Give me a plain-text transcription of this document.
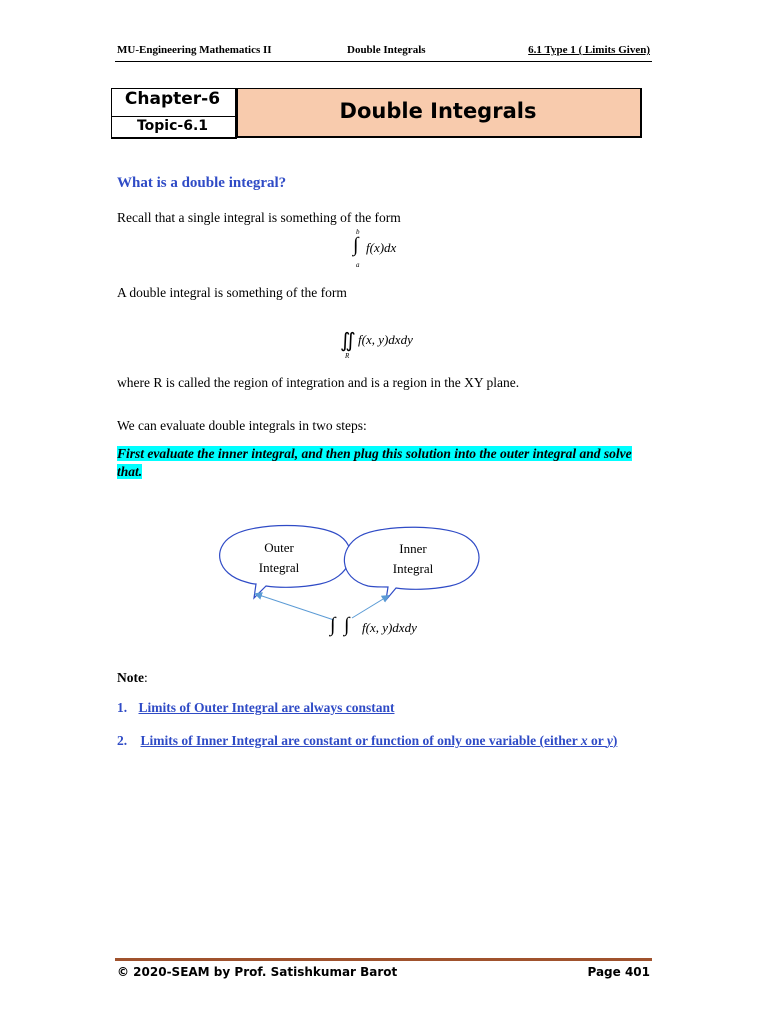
MU-Engineering Mathematics II	Double Integrals	6.1 Type 1 ( Limits Given)
Double Integrals
Chapter-6
Topic-6.1
What is a double integral?
Recall that a single integral is something of the form
b
∫
a
f(x)dx
A double integral is something of the form
∬
R
f(x, y)dxdy
where R is called the region of integration and is a region in the XY plane.
We can evaluate double integrals in two steps:
First evaluate the inner integral, and then plug this solution into the outer integral and solve that.
Outer
Integral
Inner
Integral
∫ ∫ f(x, y)dxdy
Note:
1. Limits of Outer Integral are always constant
2. Limits of Inner Integral are constant or function of only one variable (either x or y)
© 2020-SEAM by Prof. Satishkumar Barot	Page 401
